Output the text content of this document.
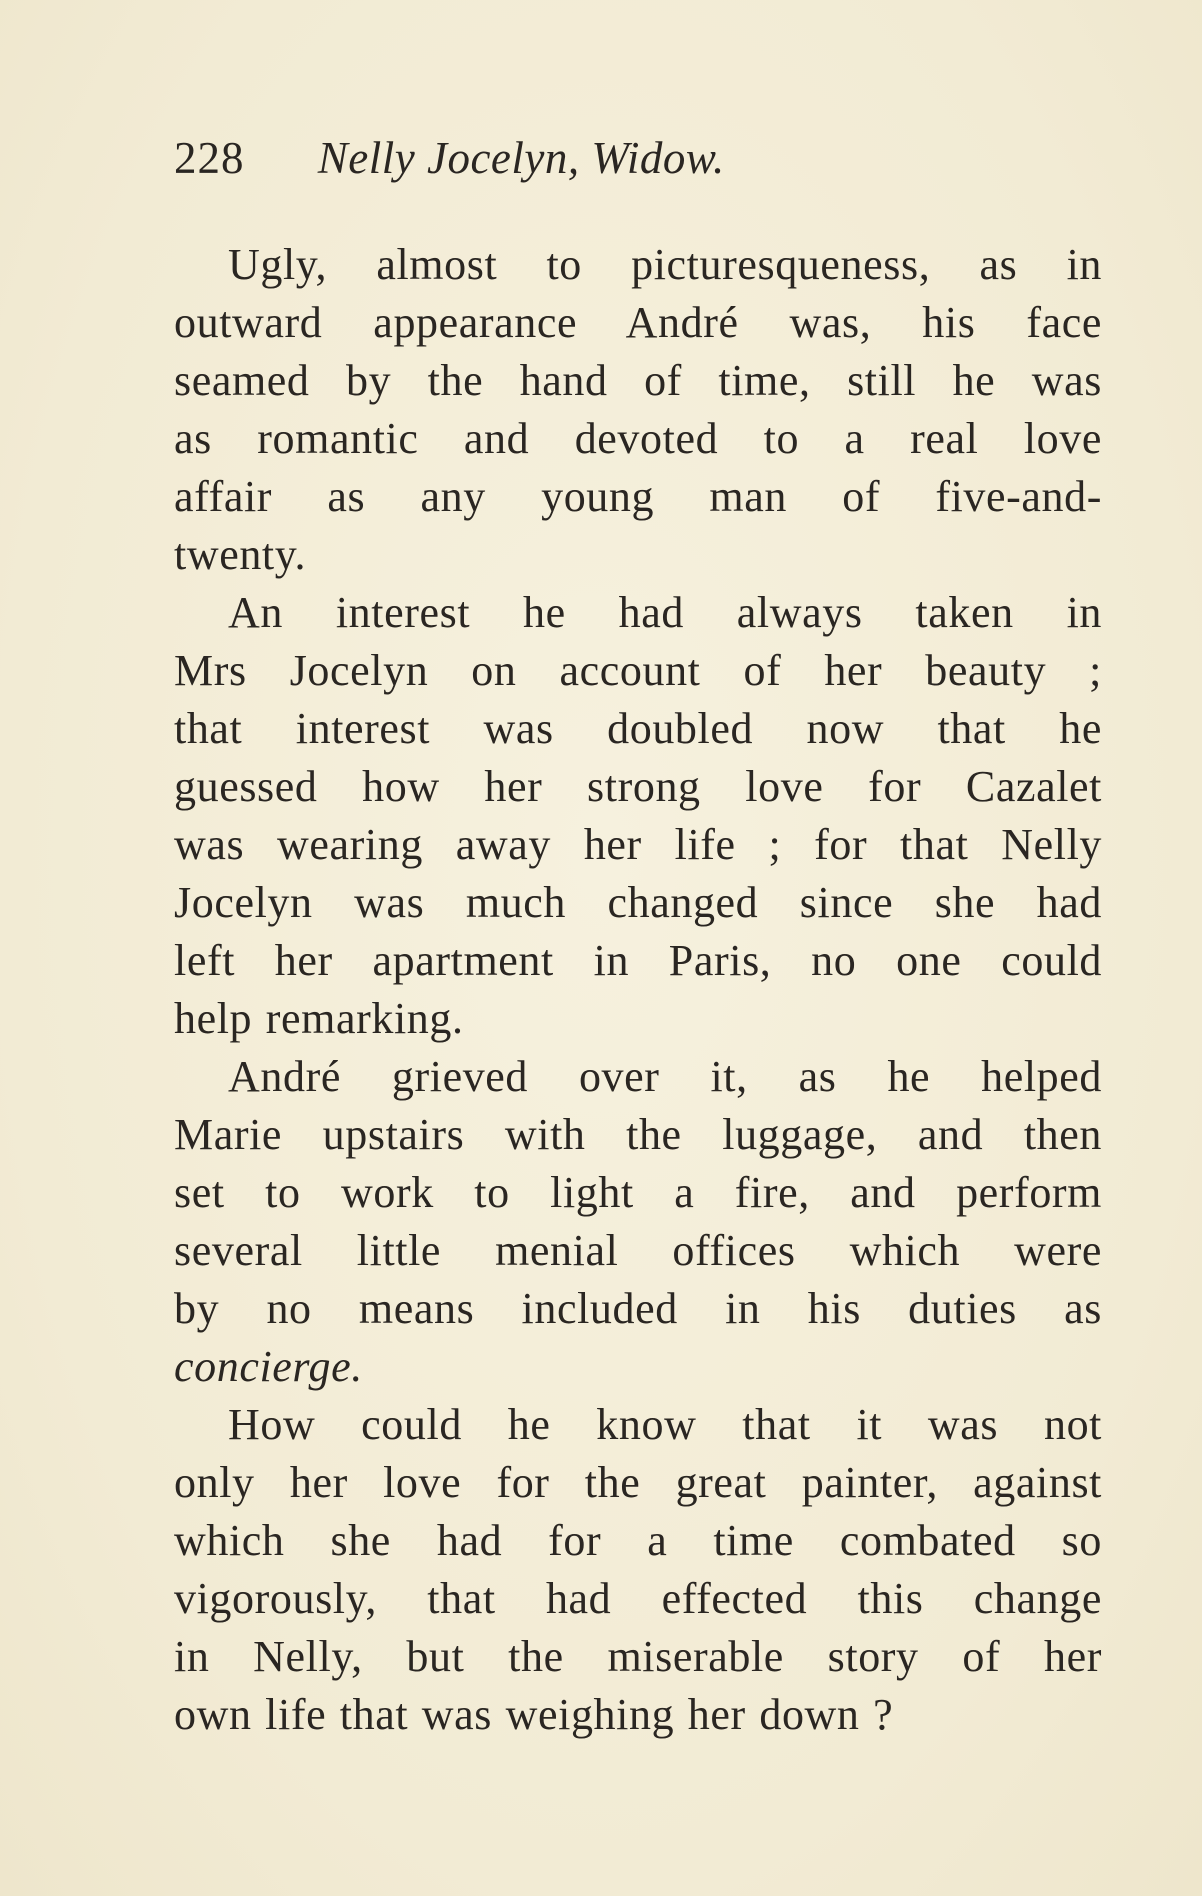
228 Nelly Jocelyn, Widow.
Ugly, almost to picturesqueness, as in
outward appearance André was, his face
seamed by the hand of time, still he was
as romantic and devoted to a real love
affair as any young man of five-and-
twenty.
An interest he had always taken in
Mrs Jocelyn on account of her beauty ;
that interest was doubled now that he
guessed how her strong love for Cazalet
was wearing away her life ; for that Nelly
Jocelyn was much changed since she had
left her apartment in Paris, no one could
help remarking.
André grieved over it, as he helped
Marie upstairs with the luggage, and then
set to work to light a fire, and perform
several little menial offices which were
by no means included in his duties as
concierge.
How could he know that it was not
only her love for the great painter, against
which she had for a time combated so
vigorously, that had effected this change
in Nelly, but the miserable story of her
own life that was weighing her down ?
